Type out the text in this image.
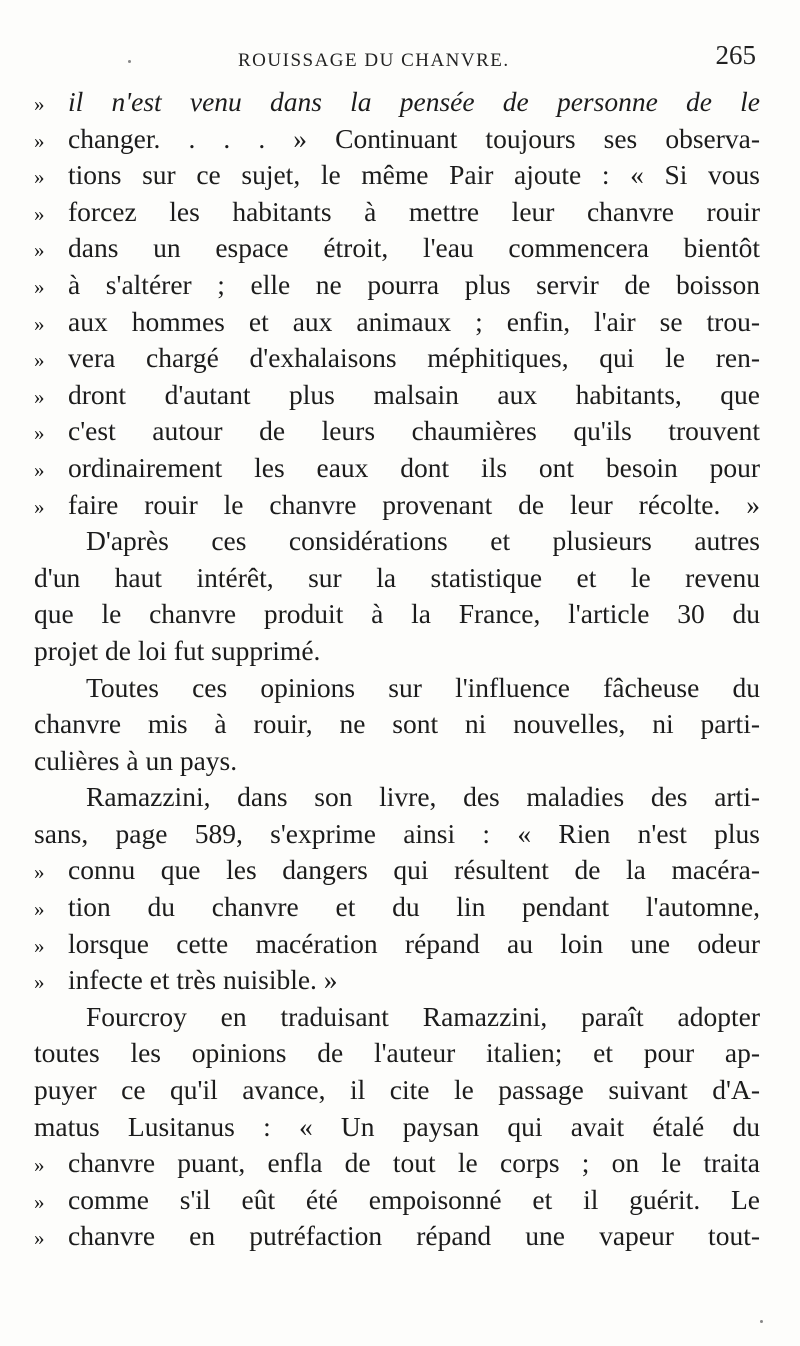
ROUISSAGE DU CHANVRE.	265
» il n'est venu dans la pensée de personne de le
» changer. . . . » Continuant toujours ses observa-
» tions sur ce sujet, le même Pair ajoute : « Si vous
» forcez les habitants à mettre leur chanvre rouir
» dans un espace étroit, l'eau commencera bientôt
» à s'altérer ; elle ne pourra plus servir de boisson
» aux hommes et aux animaux ; enfin, l'air se trou-
» vera chargé d'exhalaisons méphitiques, qui le ren-
» dront d'autant plus malsain aux habitants, que
» c'est autour de leurs chaumières qu'ils trouvent
» ordinairement les eaux dont ils ont besoin pour
» faire rouir le chanvre provenant de leur récolte. »
D'après ces considérations et plusieurs autres
d'un haut intérêt, sur la statistique et le revenu
que le chanvre produit à la France, l'article 30 du
projet de loi fut supprimé.
Toutes ces opinions sur l'influence fâcheuse du
chanvre mis à rouir, ne sont ni nouvelles, ni parti-
culières à un pays.
Ramazzini, dans son livre, des maladies des arti-
sans, page 589, s'exprime ainsi : « Rien n'est plus
» connu que les dangers qui résultent de la macéra-
» tion du chanvre et du lin pendant l'automne,
» lorsque cette macération répand au loin une odeur
» infecte et très nuisible. »
Fourcroy en traduisant Ramazzini, paraît adopter
toutes les opinions de l'auteur italien; et pour ap-
puyer ce qu'il avance, il cite le passage suivant d'A-
matus Lusitanus : « Un paysan qui avait étalé du
» chanvre puant, enfla de tout le corps ; on le traita
» comme s'il eût été empoisonné et il guérit. Le
» chanvre en putréfaction répand une vapeur tout-
